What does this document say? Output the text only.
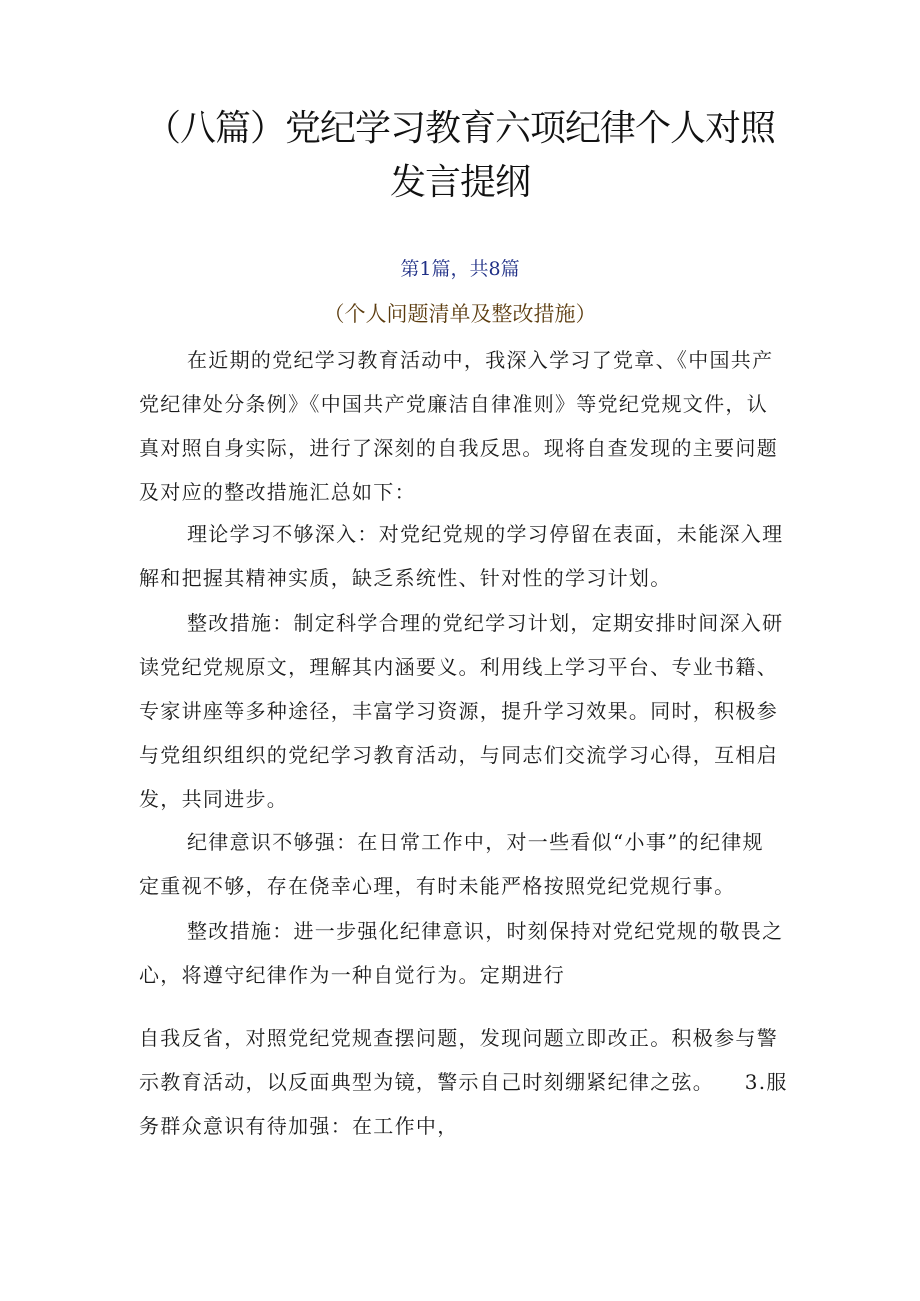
（八篇）党纪学习教育六项纪律个人对照
发言提纲
第1篇，共8篇
（个人问题清单及整改措施）

在近期的党纪学习教育活动中，我深入学习了党章、《中国共产
党纪律处分条例》《中国共产党廉洁自律准则》等党纪党规文件，认
真对照自身实际，进行了深刻的自我反思。现将自查发现的主要问题
及对应的整改措施汇总如下：

理论学习不够深入：对党纪党规的学习停留在表面，未能深入理
解和把握其精神实质，缺乏系统性、针对性的学习计划。

整改措施：制定科学合理的党纪学习计划，定期安排时间深入研
读党纪党规原文，理解其内涵要义。利用线上学习平台、专业书籍、
专家讲座等多种途径，丰富学习资源，提升学习效果。同时，积极参
与党组织组织的党纪学习教育活动，与同志们交流学习心得，互相启
发，共同进步。

纪律意识不够强：在日常工作中，对一些看似“小事”的纪律规
定重视不够，存在侥幸心理，有时未能严格按照党纪党规行事。

整改措施：进一步强化纪律意识，时刻保持对党纪党规的敬畏之
心，将遵守纪律作为一种自觉行为。定期进行

自我反省，对照党纪党规查摆问题，发现问题立即改正。积极参与警
示教育活动，以反面典型为镜，警示自己时刻绷紧纪律之弦。    3.服
务群众意识有待加强：在工作中，
